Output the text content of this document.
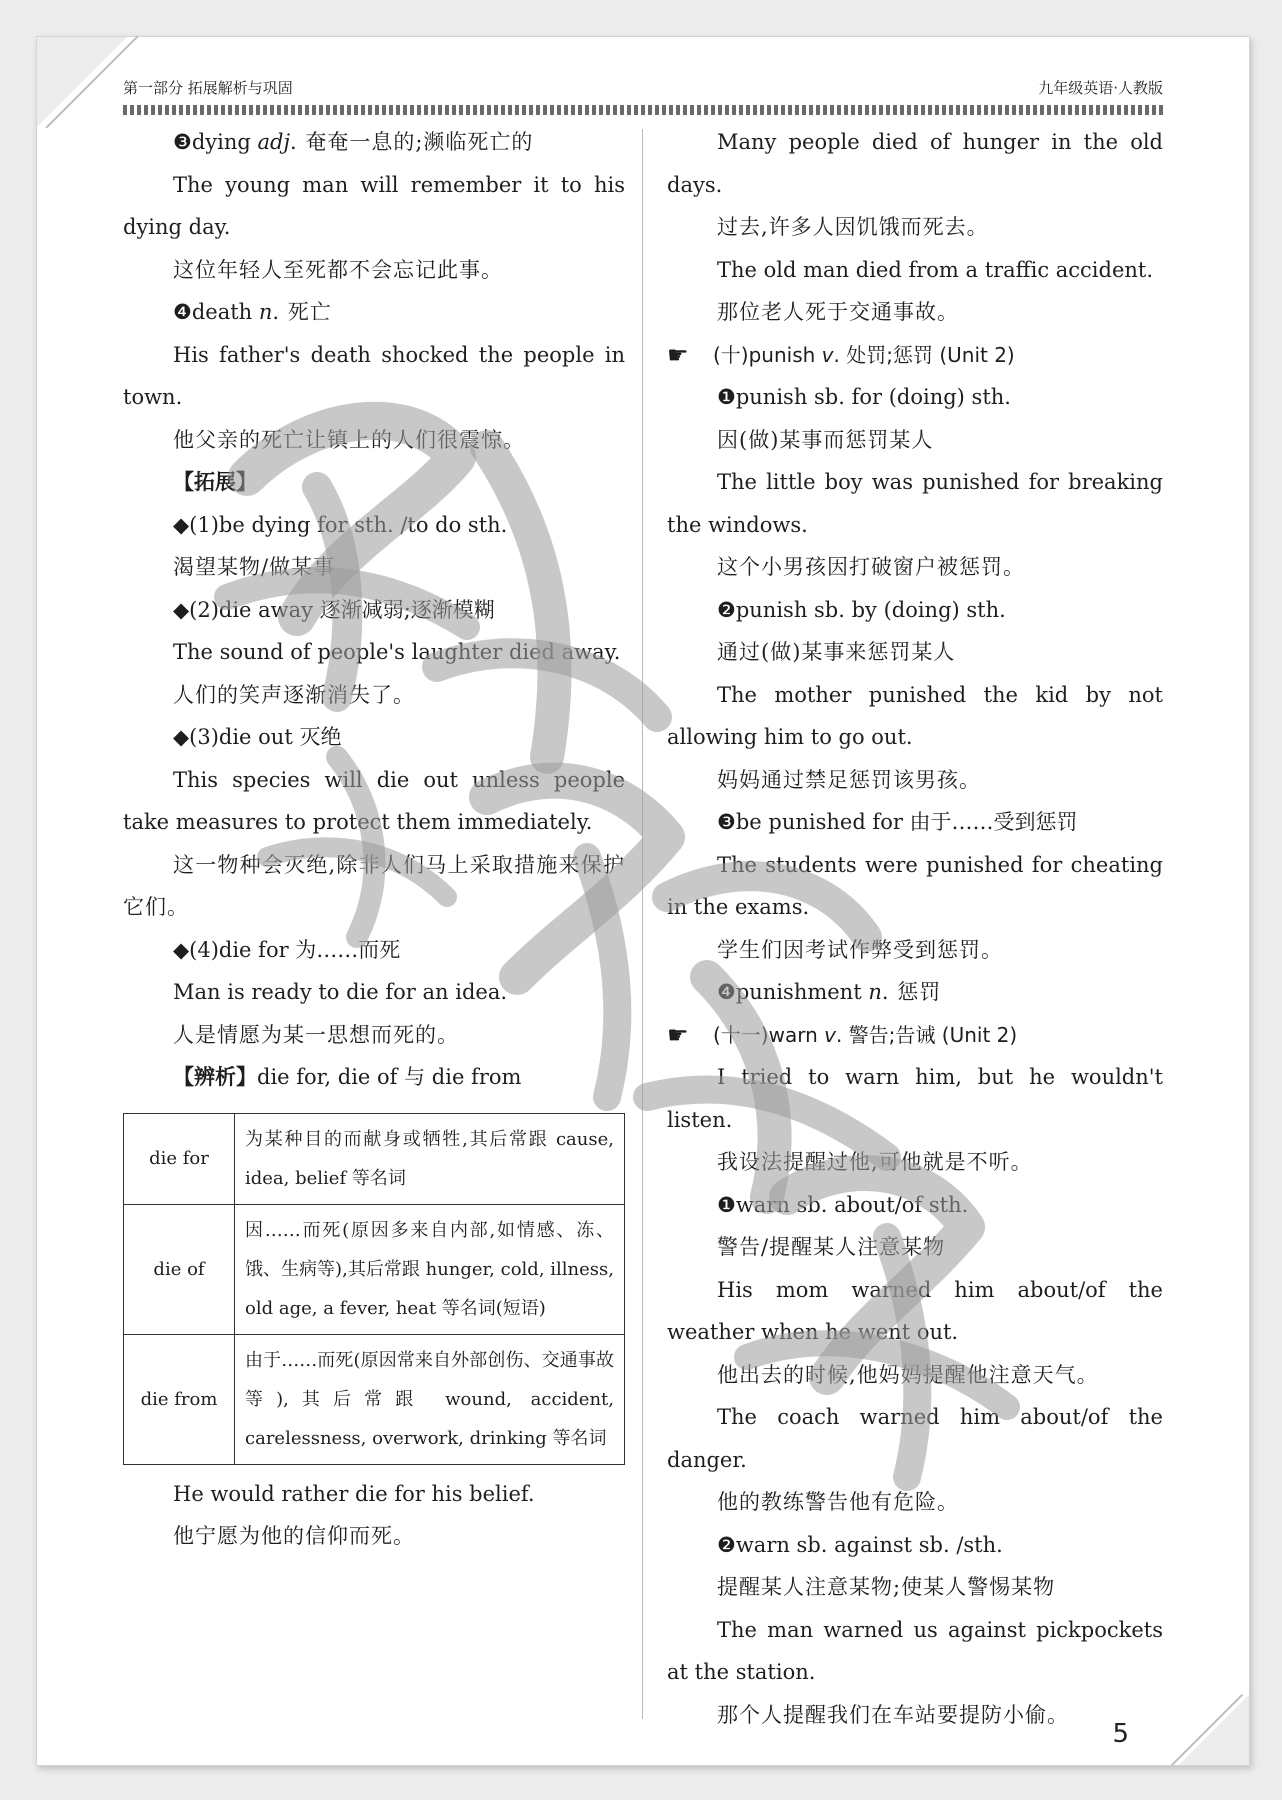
第一部分 拓展解析与巩固	九年级英语·人教版

❸dying adj. 奄奄一息的;濒临死亡的

The young man will remember it to his dying day.

这位年轻人至死都不会忘记此事。

❹death n. 死亡

His father's death shocked the people in town.

他父亲的死亡让镇上的人们很震惊。

【拓展】

◆(1)be dying for sth. /to do sth.

渴望某物/做某事

◆(2)die away 逐渐减弱;逐渐模糊

The sound of people's laughter died away.

人们的笑声逐渐消失了。

◆(3)die out 灭绝

This species will die out unless people take measures to protect them immediately.

这一物种会灭绝,除非人们马上采取措施来保护它们。

◆(4)die for 为……而死

Man is ready to die for an idea.

人是情愿为某一思想而死的。

【辨析】die for, die of 与 die from

die for	为某种目的而献身或牺牲,其后常跟 cause, idea, belief 等名词

die of	因……而死(原因多来自内部,如情感、冻、饿、生病等),其后常跟 hunger, cold, illness, old age, a fever, heat 等名词(短语)

die from	由于……而死(原因常来自外部创伤、交通事故等),其后常跟 wound, accident, carelessness, overwork, drinking 等名词

He would rather die for his belief.

他宁愿为他的信仰而死。

Many people died of hunger in the old days.

过去,许多人因饥饿而死去。

The old man died from a traffic accident.

那位老人死于交通事故。

☛ (十)punish v. 处罚;惩罚 (Unit 2)

❶punish sb. for (doing) sth.

因(做)某事而惩罚某人

The little boy was punished for breaking the windows.

这个小男孩因打破窗户被惩罚。

❷punish sb. by (doing) sth.

通过(做)某事来惩罚某人

The mother punished the kid by not allowing him to go out.

妈妈通过禁足惩罚该男孩。

❸be punished for 由于……受到惩罚

The students were punished for cheating in the exams.

学生们因考试作弊受到惩罚。

❹punishment n. 惩罚

☛ (十一)warn v. 警告;告诫 (Unit 2)

I tried to warn him, but he wouldn't listen.

我设法提醒过他,可他就是不听。

❶warn sb. about/of sth.

警告/提醒某人注意某物

His mom warned him about/of the weather when he went out.

他出去的时候,他妈妈提醒他注意天气。

The coach warned him about/of the danger.

他的教练警告他有危险。

❷warn sb. against sb. /sth.

提醒某人注意某物;使某人警惕某物

The man warned us against pickpockets at the station.

那个人提醒我们在车站要提防小偷。

5
